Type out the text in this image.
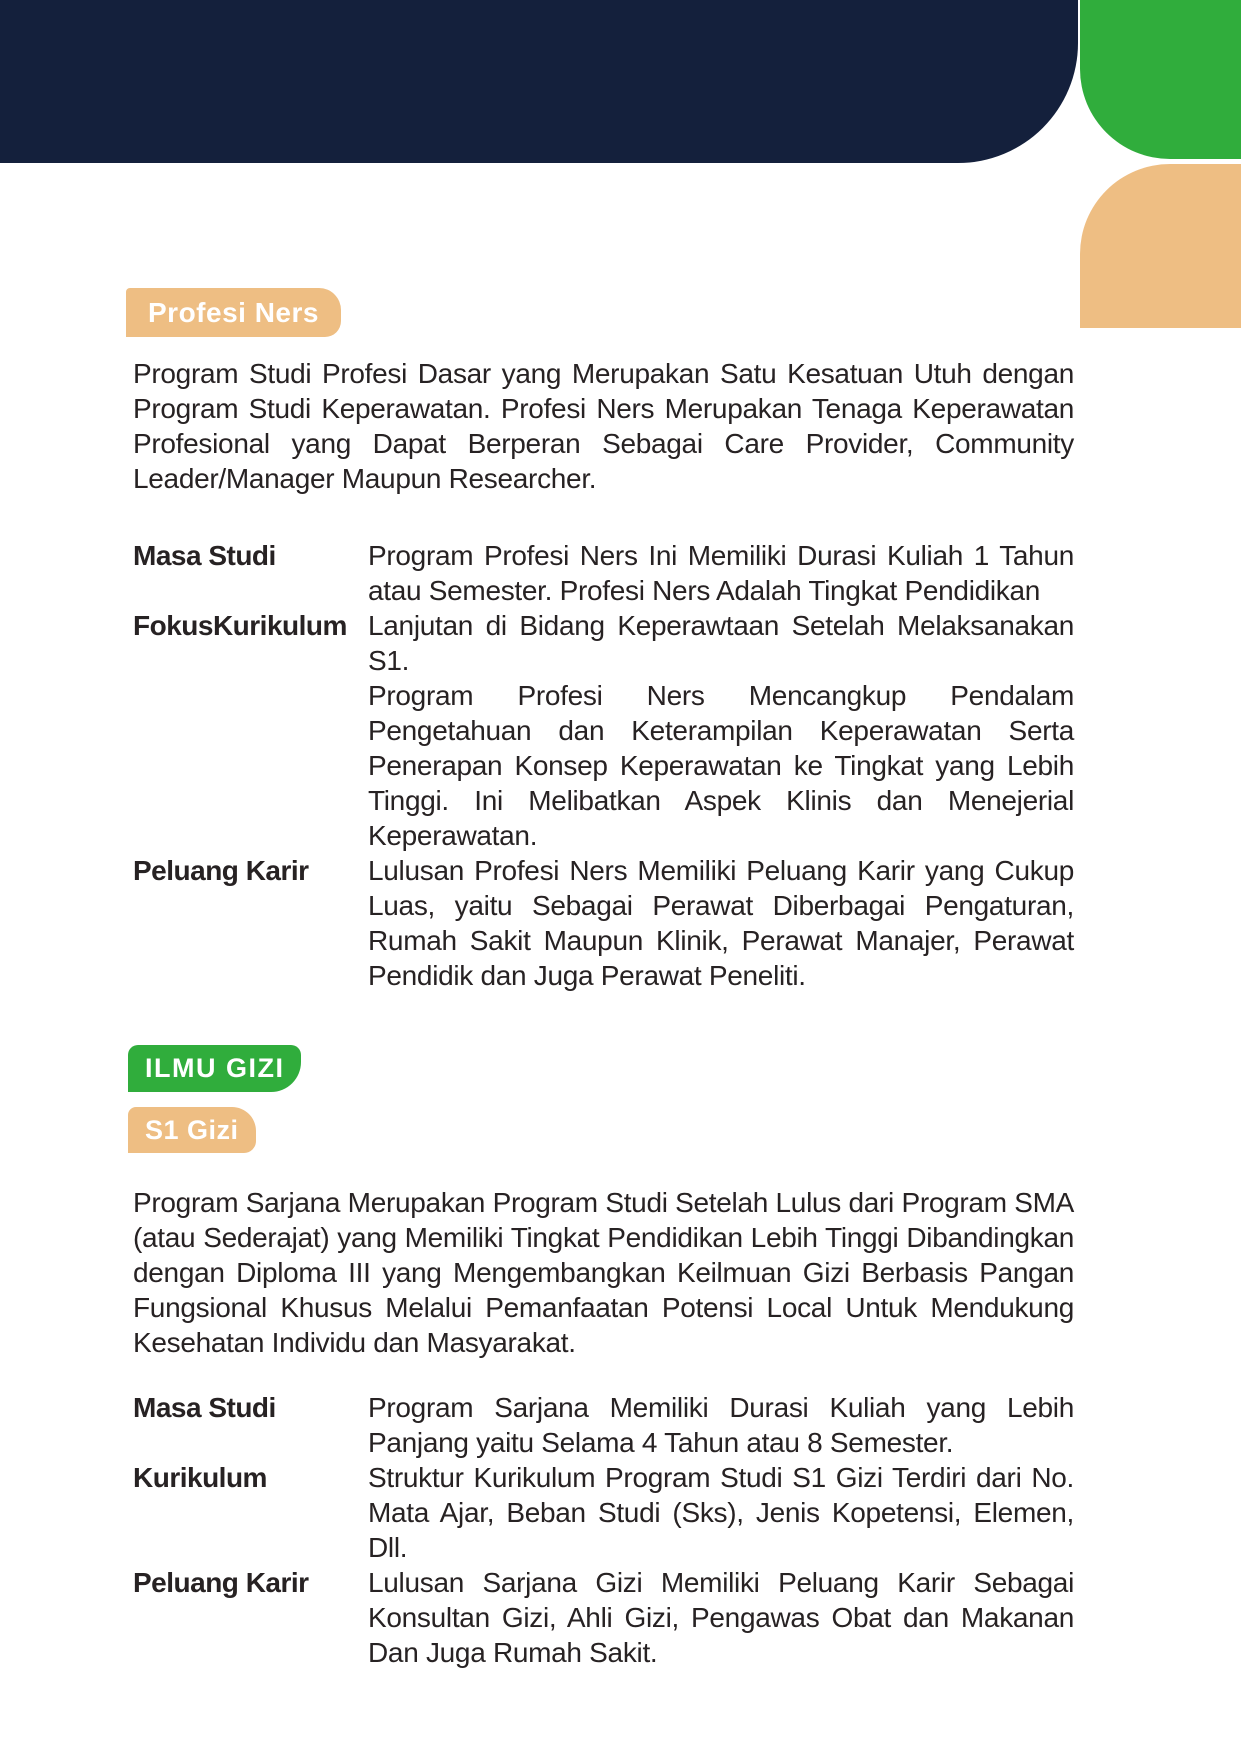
Profesi Ners
Program Studi Profesi Dasar yang Merupakan Satu Kesatuan Utuh dengan Program Studi Keperawatan. Profesi Ners Merupakan Tenaga Keperawatan Profesional yang Dapat Berperan Sebagai Care Provider, Community Leader/Manager Maupun Researcher.
Masa Studi	Program Profesi Ners Ini Memiliki Durasi Kuliah 1 Tahun atau Semester. Profesi Ners Adalah Tingkat Pendidikan

FokusKurikulum Lanjutan di Bidang Keperawtaan Setelah Melaksanakan S1.

Program Profesi Ners Mencangkup Pendalam Pengetahuan dan Keterampilan Keperawatan Serta Penerapan Konsep Keperawatan ke Tingkat yang Lebih Tinggi. Ini Melibatkan Aspek Klinis dan Menejerial Keperawatan.

Peluang Karir	Lulusan Profesi Ners Memiliki Peluang Karir yang Cukup Luas, yaitu Sebagai Perawat Diberbagai Pengaturan, Rumah Sakit Maupun Klinik, Perawat Manajer, Perawat Pendidik dan Juga Perawat Peneliti.

ILMU GIZI
S1 Gizi
Program Sarjana Merupakan Program Studi Setelah Lulus dari Program SMA (atau Sederajat) yang Memiliki Tingkat Pendidikan Lebih Tinggi Dibandingkan dengan Diploma III yang Mengembangkan Keilmuan Gizi Berbasis Pangan Fungsional Khusus Melalui Pemanfaatan Potensi Local Untuk Mendukung Kesehatan Individu dan Masyarakat.
Masa Studi	Program Sarjana Memiliki Durasi Kuliah yang Lebih Panjang yaitu Selama 4 Tahun atau 8 Semester.

Kurikulum	Struktur Kurikulum Program Studi S1 Gizi Terdiri dari No. Mata Ajar, Beban Studi (Sks), Jenis Kopetensi, Elemen, Dll.

Peluang Karir	Lulusan Sarjana Gizi Memiliki Peluang Karir Sebagai Konsultan Gizi, Ahli Gizi, Pengawas Obat dan Makanan Dan Juga Rumah Sakit.
